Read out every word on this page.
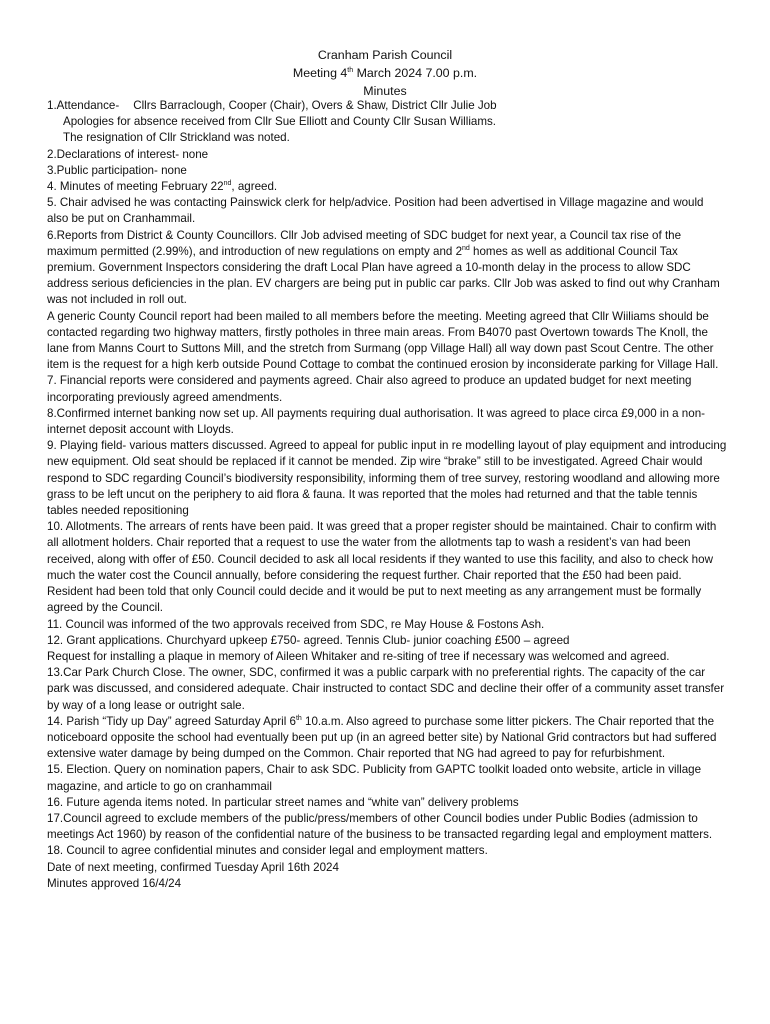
Cranham Parish Council
Meeting 4th March 2024 7.00 p.m.
Minutes

1.Attendance- Cllrs Barraclough, Cooper (Chair), Overs & Shaw, District Cllr Julie Job

Apologies for absence received from Cllr Sue Elliott and County Cllr Susan Williams.

The resignation of Cllr Strickland was noted.

2.Declarations of interest- none

3.Public participation- none

4. Minutes of meeting February 22nd, agreed.

5. Chair advised he was contacting Painswick clerk for help/advice. Position had been advertised in Village magazine and would also be put on Cranhammail.

6.Reports from District & County Councillors. Cllr Job advised meeting of SDC budget for next year, a Council tax rise of the maximum permitted (2.99%), and introduction of new regulations on empty and 2nd homes as well as additional Council Tax premium. Government Inspectors considering the draft Local Plan have agreed a 10-month delay in the process to allow SDC address serious deficiencies in the plan. EV chargers are being put in public car parks. Cllr Job was asked to find out why Cranham was not included in roll out.

A generic County Council report had been mailed to all members before the meeting. Meeting agreed that Cllr Wiiliams should be contacted regarding two highway matters, firstly potholes in three main areas. From B4070 past Overtown towards The Knoll, the lane from Manns Court to Suttons Mill, and the stretch from Surmang (opp Village Hall) all way down past Scout Centre. The other item is the request for a high kerb outside Pound Cottage to combat the continued erosion by inconsiderate parking for Village Hall.

7. Financial reports were considered and payments agreed. Chair also agreed to produce an updated budget for next meeting incorporating previously agreed amendments.

8.Confirmed internet banking now set up. All payments requiring dual authorisation. It was agreed to place circa £9,000 in a non-internet deposit account with Lloyds.

9. Playing field- various matters discussed. Agreed to appeal for public input in re modelling layout of play equipment and introducing new equipment. Old seat should be replaced if it cannot be mended. Zip wire “brake” still to be investigated. Agreed Chair would respond to SDC regarding Council’s biodiversity responsibility, informing them of tree survey, restoring woodland and allowing more grass to be left uncut on the periphery to aid flora & fauna. It was reported that the moles had returned and that the table tennis tables needed repositioning

10. Allotments. The arrears of rents have been paid. It was greed that a proper register should be maintained. Chair to confirm with all allotment holders. Chair reported that a request to use the water from the allotments tap to wash a resident’s van had been received, along with offer of £50. Council decided to ask all local residents if they wanted to use this facility, and also to check how much the water cost the Council annually, before considering the request further. Chair reported that the £50 had been paid. Resident had been told that only Council could decide and it would be put to next meeting as any arrangement must be formally agreed by the Council.

11. Council was informed of the two approvals received from SDC, re May House & Fostons Ash.

12. Grant applications. Churchyard upkeep £750- agreed. Tennis Club- junior coaching £500 – agreed

Request for installing a plaque in memory of Aileen Whitaker and re-siting of tree if necessary was welcomed and agreed.

13.Car Park Church Close. The owner, SDC, confirmed it was a public carpark with no preferential rights. The capacity of the car park was discussed, and considered adequate. Chair instructed to contact SDC and decline their offer of a community asset transfer by way of a long lease or outright sale.

14. Parish “Tidy up Day” agreed Saturday April 6th 10.a.m. Also agreed to purchase some litter pickers. The Chair reported that the noticeboard opposite the school had eventually been put up (in an agreed better site) by National Grid contractors but had suffered extensive water damage by being dumped on the Common. Chair reported that NG had agreed to pay for refurbishment.

15. Election. Query on nomination papers, Chair to ask SDC. Publicity from GAPTC toolkit loaded onto website, article in village magazine, and article to go on cranhammail

16. Future agenda items noted. In particular street names and “white van” delivery problems

17.Council agreed to exclude members of the public/press/members of other Council bodies under Public Bodies (admission to meetings Act 1960) by reason of the confidential nature of the business to be transacted regarding legal and employment matters.

18. Council to agree confidential minutes and consider legal and employment matters.

Date of next meeting, confirmed Tuesday April 16th 2024

Minutes approved 16/4/24
